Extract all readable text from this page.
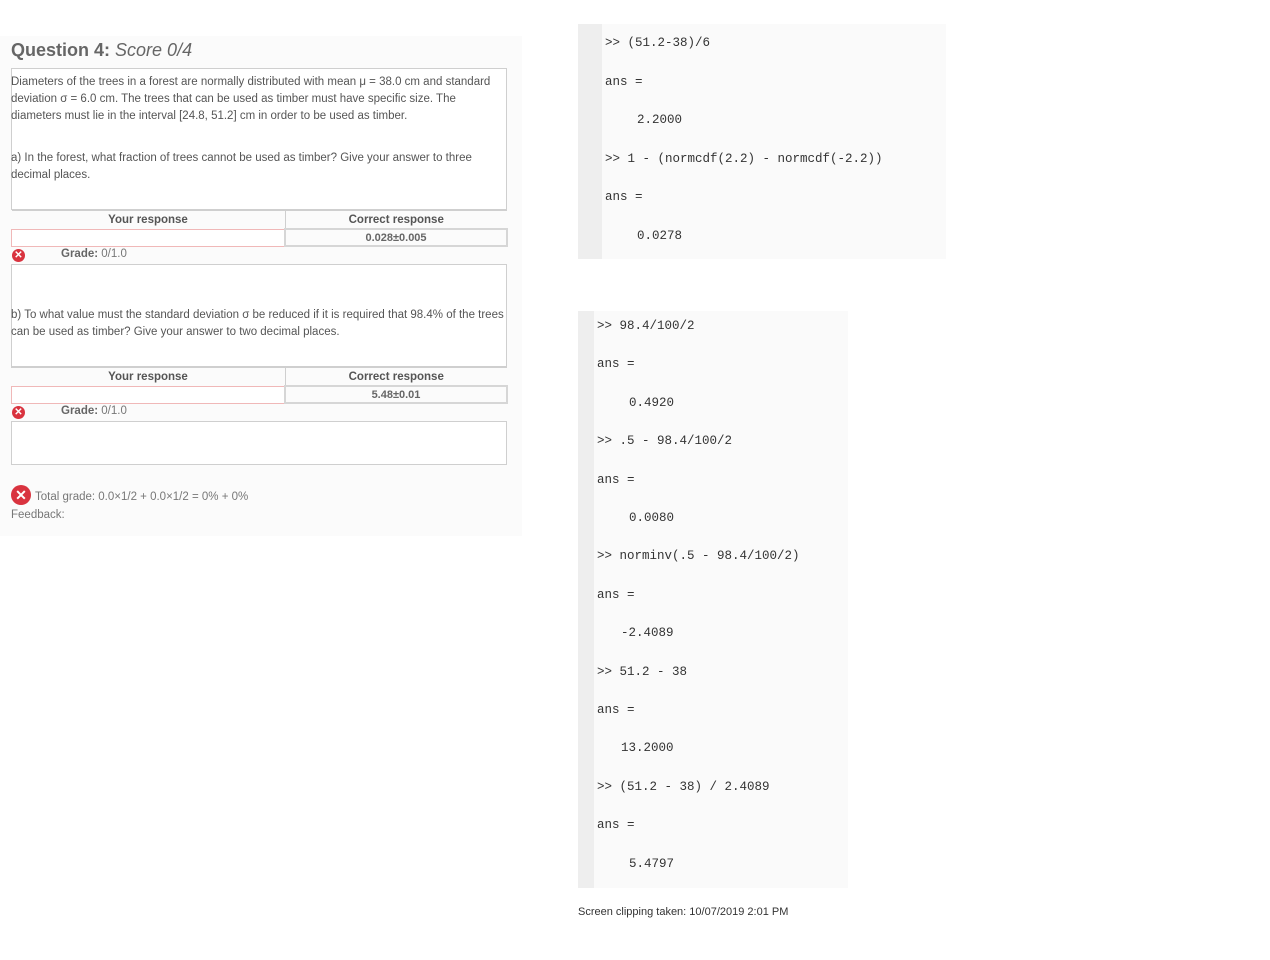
Question 4: Score 0/4
Diameters of the trees in a forest are normally distributed with mean μ = 38.0 cm and standard deviation σ = 6.0 cm. The trees that can be used as timber must have specific size. The diameters must lie in the interval [24.8, 51.2] cm in order to be used as timber.
a) In the forest, what fraction of trees cannot be used as timber? Give your answer to three decimal places.
Your response	Correct response
	0.028±0.005
✕	Grade: 0/1.0
b) To what value must the standard deviation σ be reduced if it is required that 98.4% of the trees can be used as timber? Give your answer to two decimal places.
Your response	Correct response
	5.48±0.01
✕	Grade: 0/1.0
✕ Total grade: 0.0×1/2 + 0.0×1/2 = 0% + 0%
Feedback:
>> (51.2-38)/6
ans =
2.2000
>> 1 - (normcdf(2.2) - normcdf(-2.2))
ans =
0.0278
>> 98.4/100/2
ans =
0.4920
>> .5 - 98.4/100/2
ans =
0.0080
>> norminv(.5 - 98.4/100/2)
ans =
-2.4089
>> 51.2 - 38
ans =
13.2000
>> (51.2 - 38) / 2.4089
ans =
5.4797
Screen clipping taken: 10/07/2019 2:01 PM
